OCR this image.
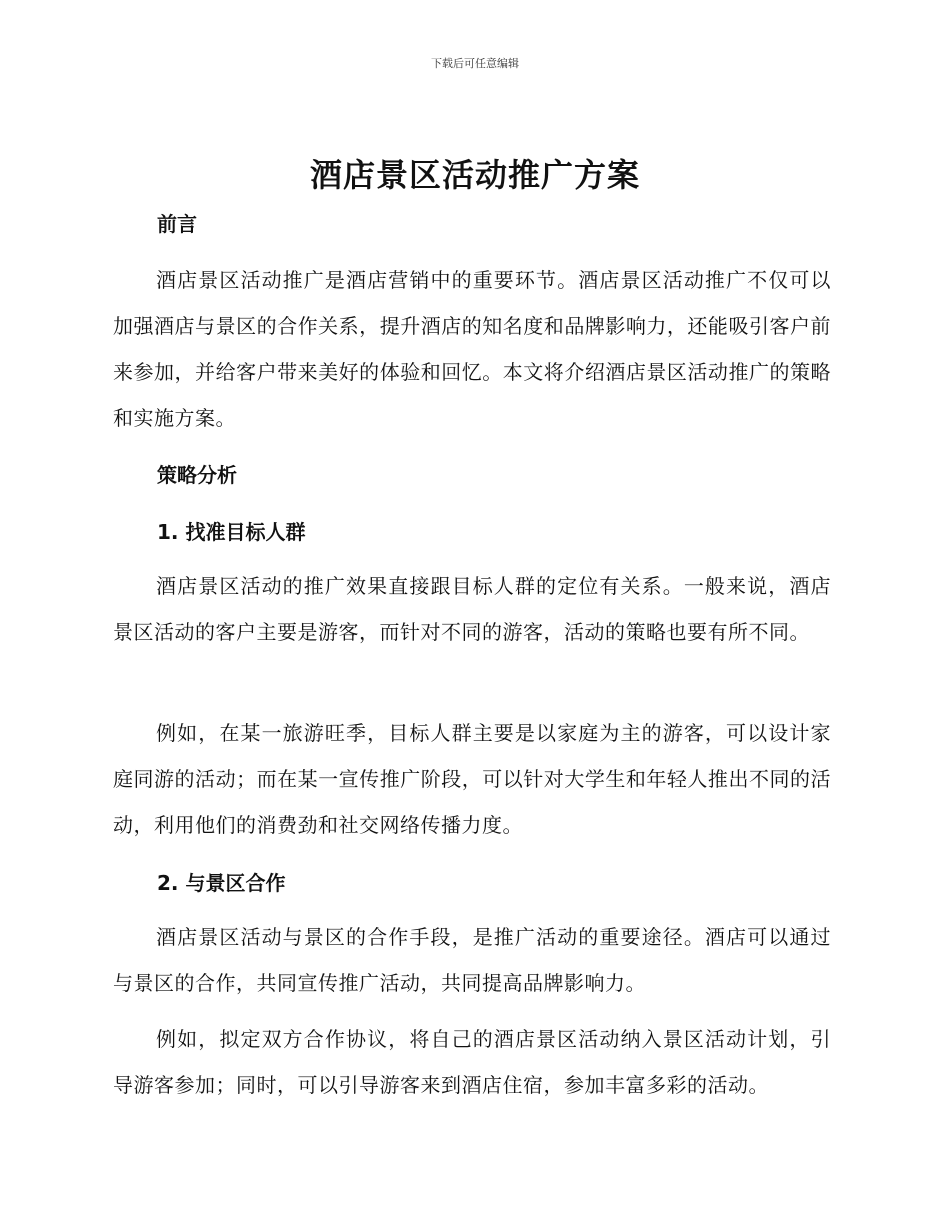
下载后可任意编辑
酒店景区活动推广方案
前言
酒店景区活动推广是酒店营销中的重要环节。酒店景区活动推广不仅可以加强酒店与景区的合作关系，提升酒店的知名度和品牌影响力，还能吸引客户前来参加，并给客户带来美好的体验和回忆。本文将介绍酒店景区活动推广的策略和实施方案。
策略分析
1. 找准目标人群
酒店景区活动的推广效果直接跟目标人群的定位有关系。一般来说，酒店景区活动的客户主要是游客，而针对不同的游客，活动的策略也要有所不同。
例如，在某一旅游旺季，目标人群主要是以家庭为主的游客，可以设计家庭同游的活动；而在某一宣传推广阶段，可以针对大学生和年轻人推出不同的活动，利用他们的消费劲和社交网络传播力度。
2. 与景区合作
酒店景区活动与景区的合作手段，是推广活动的重要途径。酒店可以通过与景区的合作，共同宣传推广活动，共同提高品牌影响力。
例如，拟定双方合作协议，将自己的酒店景区活动纳入景区活动计划，引导游客参加；同时，可以引导游客来到酒店住宿，参加丰富多彩的活动。
